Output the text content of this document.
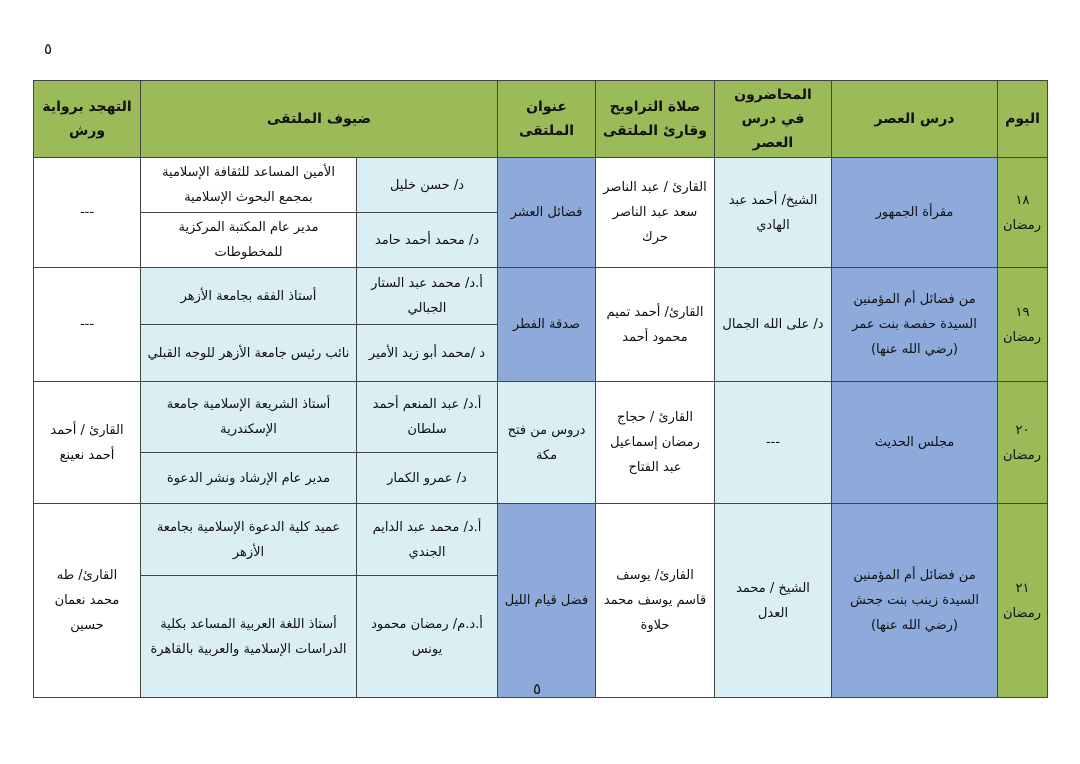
٥
اليوم	درس العصر	المحاضرون في درس العصر	صلاة التراويح وقارئ الملتقى	عنوان الملتقى	ضيوف الملتقى		التهجد برواية ورش
١٨ رمضان	مقرأة الجمهور	الشيخ/ أحمد عبد الهادي	القارئ / عبد الناصر سعد عبد الناصر حرك	فضائل العشر	د/ حسن خليل	الأمين المساعد للثقافة الإسلامية بمجمع البحوث الإسلامية	---
					د/ محمد أحمد حامد	مدير عام المكتبة المركزية للمخطوطات	
١٩ رمضان	من فضائل أم المؤمنين السيدة حفصة بنت عمر (رضي الله عنها)	د/ على الله الجمال	القارئ/ أحمد تميم محمود أحمد	صدقة الفطر	أ.د/ محمد عبد الستار الجبالي	أستاذ الفقه بجامعة الأزهر	---
					د /محمد أبو زيد الأمير	نائب رئيس جامعة الأزهر للوجه القبلي	
٢٠ رمضان	مجلس الحديث	---	القارئ / حجاج رمضان إسماعيل عبد الفتاح	دروس من فتح مكة	أ.د/ عبد المنعم أحمد سلطان	أستاذ الشريعة الإسلامية جامعة الإسكندرية	القارئ / أحمد أحمد نعينع
					د/ عمرو الكمار	مدير عام الإرشاد ونشر الدعوة	
٢١ رمضان	من فضائل أم المؤمنين السيدة زينب بنت جحش (رضي الله عنها)	الشيخ / محمد العدل	القارئ/ يوسف قاسم يوسف محمد حلاوة	فضل قيام الليل	أ.د/ محمد عبد الدايم الجندي	عميد كلية الدعوة الإسلامية بجامعة الأزهر	القارئ/ طه محمد نعمان حسين
					أ.د.م/ رمضان محمود يونس	أستاذ اللغة العربية المساعد بكلية الدراسات الإسلامية والعربية بالقاهرة	
٥
